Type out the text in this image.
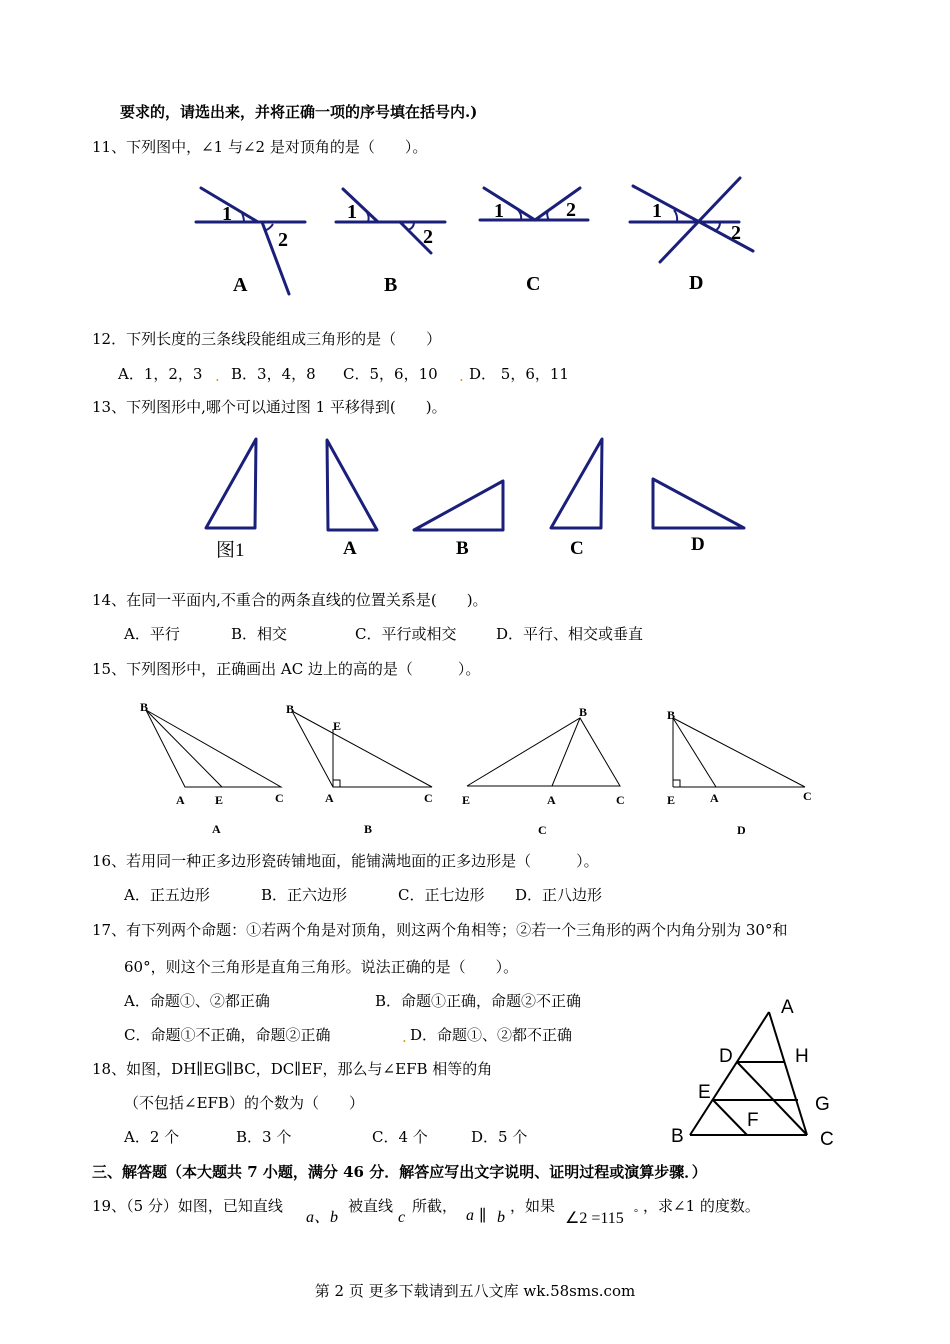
要求的，请选出来，并将正确一项的序号填在括号内.)
11、下列图中，∠1 与∠2 是对顶角的是（　　）。
1
2
1
2
1	2	1
2
A	B	C	D
12．下列长度的三条线段能组成三角形的是（　　）
A．1，2，3 . B．3，4，8 C．5，6，10 . D． 5，6，11
13、下列图形中,哪个可以通过图 1 平移得到(　　)。
图1	A	B	C	D
14、在同一平面内,不重合的两条直线的位置关系是(　　)。
A．平行	B．相交	C．平行或相交	D．平行、相交或垂直
15、下列图形中，正确画出 AC 边上的高的是（　　　）。
B
A	E	C
B
E
A	C
B
E	A	C
B
E	A	C
A	B	C	D
16、若用同一种正多边形瓷砖铺地面，能铺满地面的正多边形是（　　　）。
A．正五边形	B．正六边形	C．正七边形 D．正八边形
17、有下列两个命题：①若两个角是对顶角，则这两个角相等；②若一个三角形的两个内角分别为 30°和
60°，则这个三角形是直角三角形。说法正确的是（　　）。
A．命题①、②都正确	B．命题①正确，命题②不正确
C．命题①不正确，命题②正确	. D．命题①、②都不正确
A
D	H
E
G
F
B	C
18、如图，DH∥EG∥BC，DC∥EF，那么与∠EFB 相等的角
（不包括∠EFB）的个数为（　　）
A．2 个	B．3 个	C．4 个	D．5 个
三、解答题（本大题共 7 小题，满分 46 分．解答应写出文字说明、证明过程或演算步骤．）
19、（5 分）如图，已知直线
a、b
被直线
c
所截，
a ∥ b
，如果
∠2 =115 ° ，求∠1 的度数。
第 2 页 更多下载请到五八文库 wk.58sms.com
